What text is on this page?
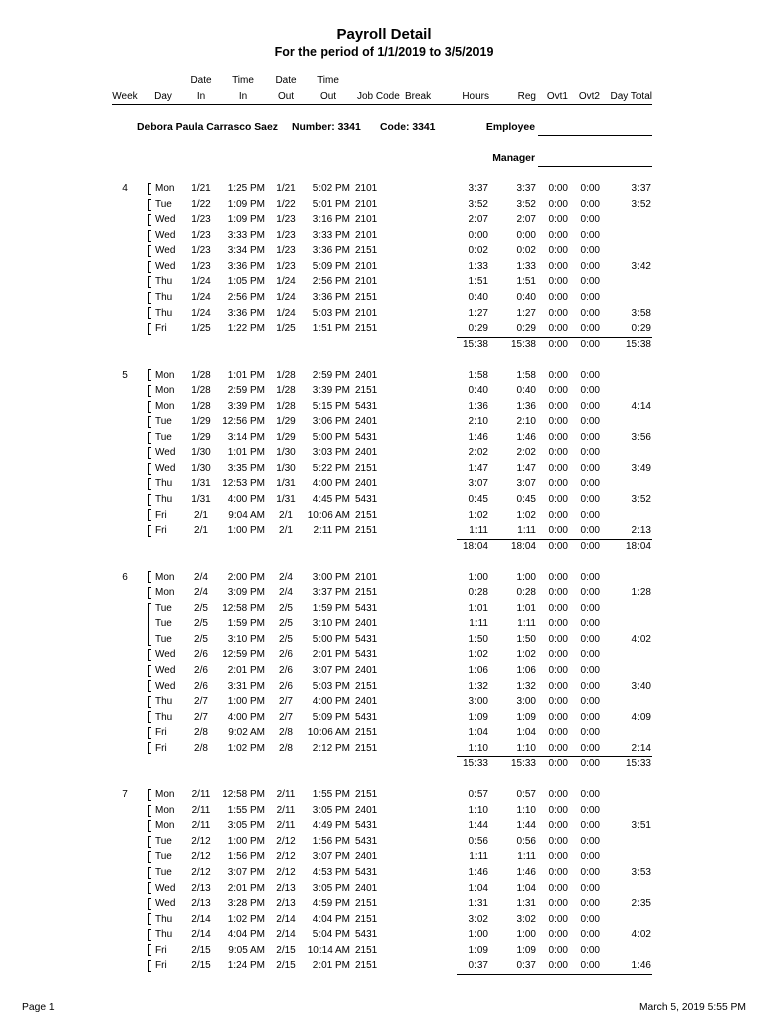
Payroll Detail
For the period of 1/1/2019 to 3/5/2019
Date	Time	Date	Time
Week	Day	In	In	Out	Out	Job Code Break	Hours	Reg	Ovt1	Ovt2	Day Total
Debora Paula Carrasco Saez Number: 3341 Code: 3341	Employee
Manager
4	Mon	1/21	1:25 PM	1/21	5:02 PM 2101	3:37	3:37	0:00	0:00	3:37
Tue	1/22	1:09 PM	1/22	5:01 PM 2101	3:52	3:52	0:00	0:00	3:52
Wed	1/23	1:09 PM	1/23	3:16 PM 2101	2:07	2:07	0:00	0:00
Wed	1/23	3:33 PM	1/23	3:33 PM 2101	0:00	0:00	0:00	0:00
Wed	1/23	3:34 PM	1/23	3:36 PM 2151	0:02	0:02	0:00	0:00
Wed	1/23	3:36 PM	1/23	5:09 PM 2101	1:33	1:33	0:00	0:00	3:42
Thu	1/24	1:05 PM	1/24	2:56 PM 2101	1:51	1:51	0:00	0:00
Thu	1/24	2:56 PM	1/24	3:36 PM 2151	0:40	0:40	0:00	0:00
Thu	1/24	3:36 PM	1/24	5:03 PM 2101	1:27	1:27	0:00	0:00	3:58
Fri	1/25	1:22 PM	1/25	1:51 PM 2151	0:29	0:29	0:00	0:00	0:29
15:38	15:38	0:00	0:00	15:38
5	Mon	1/28	1:01 PM	1/28	2:59 PM 2401	1:58	1:58	0:00	0:00
Mon	1/28	2:59 PM	1/28	3:39 PM 2151	0:40	0:40	0:00	0:00
Mon	1/28	3:39 PM	1/28	5:15 PM 5431	1:36	1:36	0:00	0:00	4:14
Tue	1/29	12:56 PM	1/29	3:06 PM 2401	2:10	2:10	0:00	0:00
Tue	1/29	3:14 PM	1/29	5:00 PM 5431	1:46	1:46	0:00	0:00	3:56
Wed	1/30	1:01 PM	1/30	3:03 PM 2401	2:02	2:02	0:00	0:00
Wed	1/30	3:35 PM	1/30	5:22 PM 2151	1:47	1:47	0:00	0:00	3:49
Thu	1/31	12:53 PM	1/31	4:00 PM 2401	3:07	3:07	0:00	0:00
Thu	1/31	4:00 PM	1/31	4:45 PM 5431	0:45	0:45	0:00	0:00	3:52
Fri	2/1	9:04 AM	2/1	10:06 AM 2151	1:02	1:02	0:00	0:00
Fri	2/1	1:00 PM	2/1	2:11 PM 2151	1:11	1:11	0:00	0:00	2:13
18:04	18:04	0:00	0:00	18:04
6	Mon	2/4	2:00 PM	2/4	3:00 PM 2101	1:00	1:00	0:00	0:00
Mon	2/4	3:09 PM	2/4	3:37 PM 2151	0:28	0:28	0:00	0:00	1:28
Tue	2/5	12:58 PM	2/5	1:59 PM 5431	1:01	1:01	0:00	0:00
Tue	2/5	1:59 PM	2/5	3:10 PM 2401	1:11	1:11	0:00	0:00
Tue	2/5	3:10 PM	2/5	5:00 PM 5431	1:50	1:50	0:00	0:00	4:02
Wed	2/6	12:59 PM	2/6	2:01 PM 5431	1:02	1:02	0:00	0:00
Wed	2/6	2:01 PM	2/6	3:07 PM 2401	1:06	1:06	0:00	0:00
Wed	2/6	3:31 PM	2/6	5:03 PM 2151	1:32	1:32	0:00	0:00	3:40
Thu	2/7	1:00 PM	2/7	4:00 PM 2401	3:00	3:00	0:00	0:00
Thu	2/7	4:00 PM	2/7	5:09 PM 5431	1:09	1:09	0:00	0:00	4:09
Fri	2/8	9:02 AM	2/8	10:06 AM 2151	1:04	1:04	0:00	0:00
Fri	2/8	1:02 PM	2/8	2:12 PM 2151	1:10	1:10	0:00	0:00	2:14
15:33	15:33	0:00	0:00	15:33
7	Mon	2/11	12:58 PM	2/11	1:55 PM 2151	0:57	0:57	0:00	0:00
Mon	2/11	1:55 PM	2/11	3:05 PM 2401	1:10	1:10	0:00	0:00
Mon	2/11	3:05 PM	2/11	4:49 PM 5431	1:44	1:44	0:00	0:00	3:51
Tue	2/12	1:00 PM	2/12	1:56 PM 5431	0:56	0:56	0:00	0:00
Tue	2/12	1:56 PM	2/12	3:07 PM 2401	1:11	1:11	0:00	0:00
Tue	2/12	3:07 PM	2/12	4:53 PM 5431	1:46	1:46	0:00	0:00	3:53
Wed	2/13	2:01 PM	2/13	3:05 PM 2401	1:04	1:04	0:00	0:00
Wed	2/13	3:28 PM	2/13	4:59 PM 2151	1:31	1:31	0:00	0:00	2:35
Thu	2/14	1:02 PM	2/14	4:04 PM 2151	3:02	3:02	0:00	0:00
Thu	2/14	4:04 PM	2/14	5:04 PM 5431	1:00	1:00	0:00	0:00	4:02
Fri	2/15	9:05 AM	2/15	10:14 AM 2151	1:09	1:09	0:00	0:00
Fri	2/15	1:24 PM	2/15	2:01 PM 2151	0:37	0:37	0:00	0:00	1:46
Page 1	March 5, 2019 5:55 PM
